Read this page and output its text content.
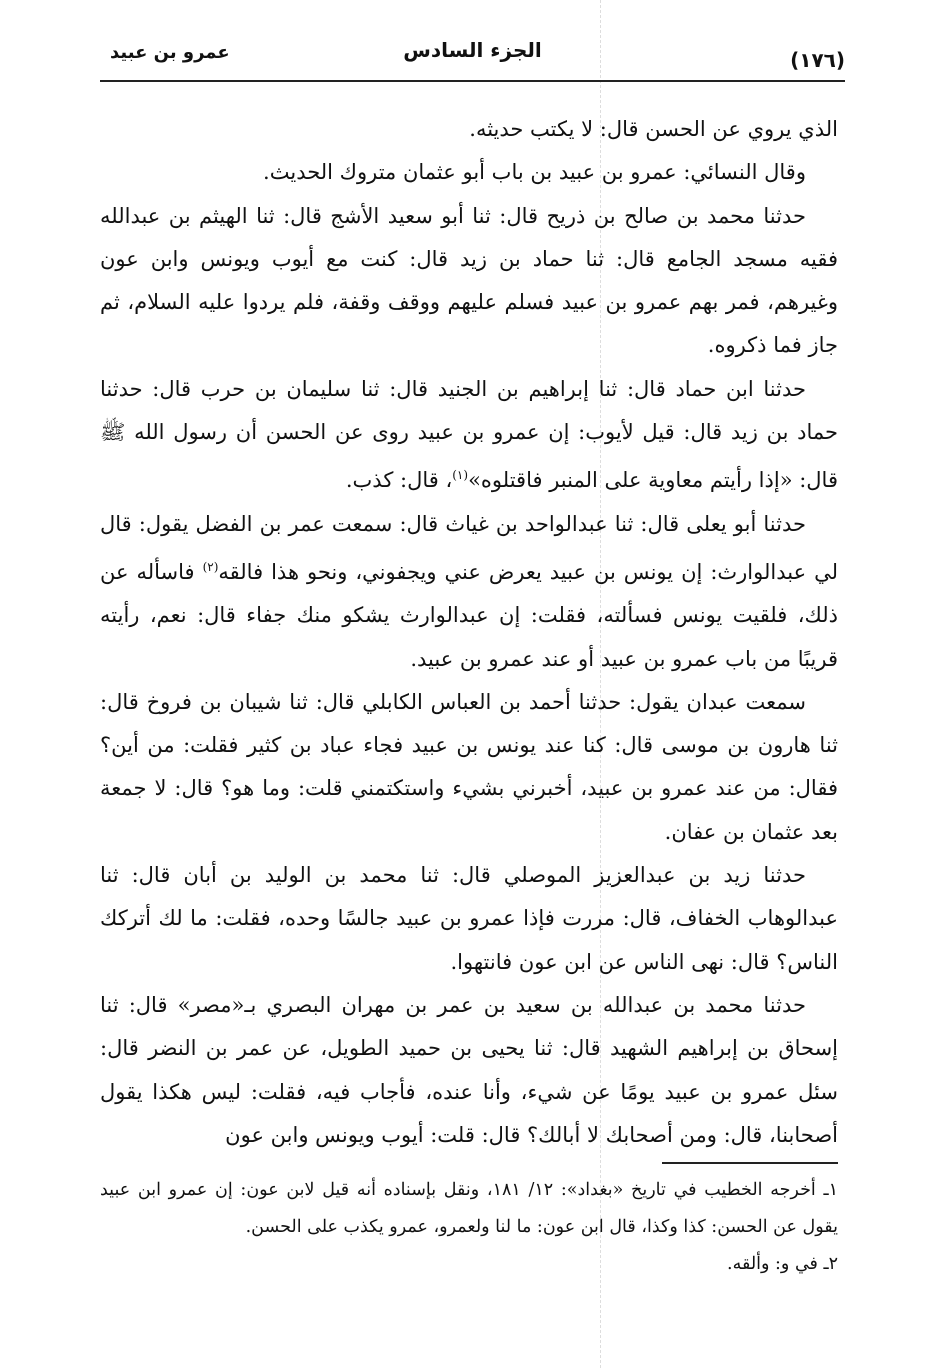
(١٧٦)
الجزء السادس
عمرو بن عبيد

الذي يروي عن الحسن قال: لا يكتب حديثه.

وقال النسائي: عمرو بن عبيد بن باب أبو عثمان متروك الحديث.

حدثنا محمد بن صالح بن ذريح قال: ثنا أبو سعيد الأشج قال: ثنا الهيثم بن عبدالله فقيه مسجد الجامع قال: ثنا حماد بن زيد قال: كنت مع أيوب ويونس وابن عون وغيرهم، فمر بهم عمرو بن عبيد فسلم عليهم ووقف وقفة، فلم يردوا عليه السلام، ثم جاز فما ذكروه.

حدثنا ابن حماد قال: ثنا إبراهيم بن الجنيد قال: ثنا سليمان بن حرب قال: حدثنا حماد بن زيد قال: قيل لأيوب: إن عمرو بن عبيد روى عن الحسن أن رسول الله ﷺ قال: «إذا رأيتم معاوية على المنبر فاقتلوه»$^{(١)}$، قال: كذب.

حدثنا أبو يعلى قال: ثنا عبدالواحد بن غياث قال: سمعت عمر بن الفضل يقول: قال لي عبدالوارث: إن يونس بن عبيد يعرض عني ويجفوني، ونحو هذا فالقه$^{(٢)}$ فاسأله عن ذلك، فلقيت يونس فسألته، فقلت: إن عبدالوارث يشكو منك جفاء قال: نعم، رأيته قريبًا من باب عمرو بن عبيد أو عند عمرو بن عبيد.

سمعت عبدان يقول: حدثنا أحمد بن العباس الكابلي قال: ثنا شيبان بن فروخ قال: ثنا هارون بن موسى قال: كنا عند يونس بن عبيد فجاء عباد بن كثير فقلت: من أين؟ فقال: من عند عمرو بن عبيد، أخبرني بشيء واستكتمني قلت: وما هو؟ قال: لا جمعة بعد عثمان بن عفان.

حدثنا زيد بن عبدالعزيز الموصلي قال: ثنا محمد بن الوليد بن أبان قال: ثنا عبدالوهاب الخفاف، قال: مررت فإذا عمرو بن عبيد جالسًا وحده، فقلت: ما لك أتركك الناس؟ قال: نهى الناس عن ابن عون فانتهوا.

حدثنا محمد بن عبدالله بن سعيد بن عمر بن مهران البصري بـ«مصر» قال: ثنا إسحاق بن إبراهيم الشهيد قال: ثنا يحيى بن حميد الطويل، عن عمر بن النضر قال: سئل عمرو بن عبيد يومًا عن شيء، وأنا عنده، فأجاب فيه، فقلت: ليس هكذا يقول أصحابنا، قال: ومن أصحابك لا أبالك؟ قال: قلت: أيوب ويونس وابن عون

١ـ أخرجه الخطيب في تاريخ «بغداد»: ١٢/ ١٨١، ونقل بإسناده أنه قيل لابن عون: إن عمرو ابن عبيد يقول عن الحسن: كذا وكذا، قال ابن عون: ما لنا ولعمرو، عمرو يكذب على الحسن.

٢ـ في و: وألقه.
